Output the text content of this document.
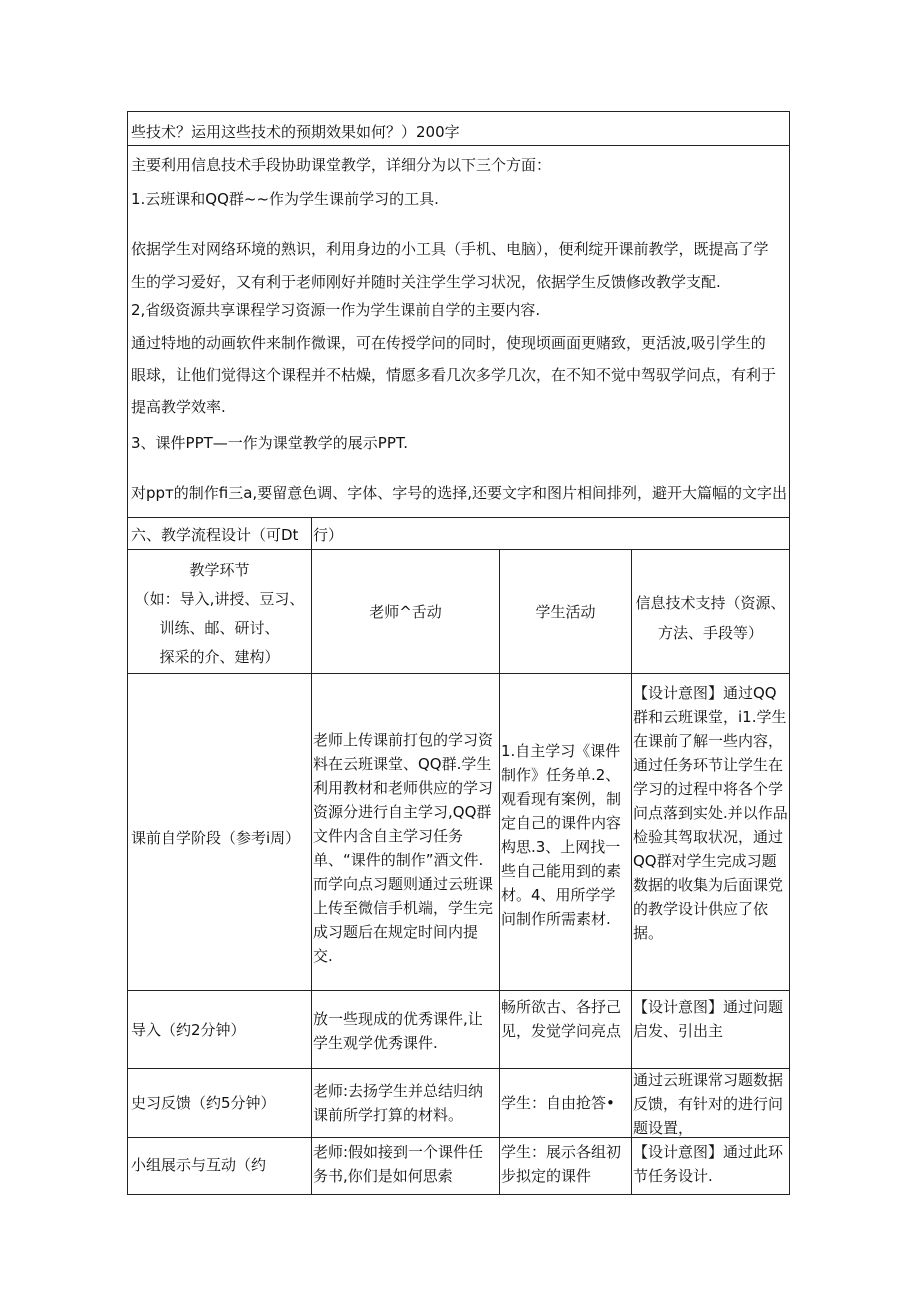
些技术？运用这些技术的预期效果如何？）200字
主要利用信息技术手段协助课堂教学，详细分为以下三个方面：
1.云班课和QQ群~~作为学生课前学习的工具.
依据学生对网络环境的熟识，利用身边的小工具（手机、电脑），便利绽开课前教学，既提高了学
生的学习爱好，又有利于老师刚好并随时关注学生学习状况，依据学生反馈修改教学支配.
2,省级资源共享课程学习资源一作为学生课前自学的主要内容.
通过特地的动画软件来制作微课，可在传授学问的同时，使现顷画面更赌致，更活波,吸引学生的
眼球，让他们觉得这个课程并不枯燥，情愿多看几次多学几次，在不知不觉中驾驭学问点，有利于
提高教学效率.
3、课件PPT—一作为课堂教学的展示PPT.
对ppт的制作fi三a,要留意色调、字体、字号的选择,还要文字和图片相间排列，避开大篇幅的文字出
六、教学流程设计（可Dt 行）
教学环节
（如：导入,讲授、豆习、
训练、邮、研讨、
探采的介、建构）
老师^舌动	学生活动	信息技术支持（资源、
方法、手段等）
课前自学阶段（参考i周）
老师上传课前打包的学习资料在云班课堂、QQ群.学生利用教材和老师供应的学习资源分进行自主学习,QQ群文件内含自主学习任务单、“课件的制作”酒文件.而学向点习题则通过云班课上传至微信手机端，学生完成习题后在规定时间内提交.
1.自主学习《课件制作》任务单.2、观看现有案例，制定自己的课件内容构思.3、上网找一些自己能用到的素材。4、用所学学问制作所需素材.
【设计意图】通过QQ群和云班课堂，i1.学生在课前了解一些内容，通过任务环节让学生在学习的过程中将各个学问点落到实处.并以作品检验其驾取状况，通过QQ群对学生完成习题数据的收集为后面课党的教学设计供应了依据。
导入（约2分钟）
放一些现成的优秀课件,让学生观学优秀课件.
畅所欲古、各抒己见，发觉学问亮点
【设计意图】通过问题启发、引出主
史习反馈（约5分钟）
老师:去扬学生并总结归纳课前所学打算的材料。
学生：自由抢答•
通过云班课常习题数据反馈，有针对的进行问题设置，
小组展示与互动（约
老师:假如接到一个课件任务书,你们是如何思索
学生：展示各组初步拟定的课件
【设计意图】通过此环节任务设计.
